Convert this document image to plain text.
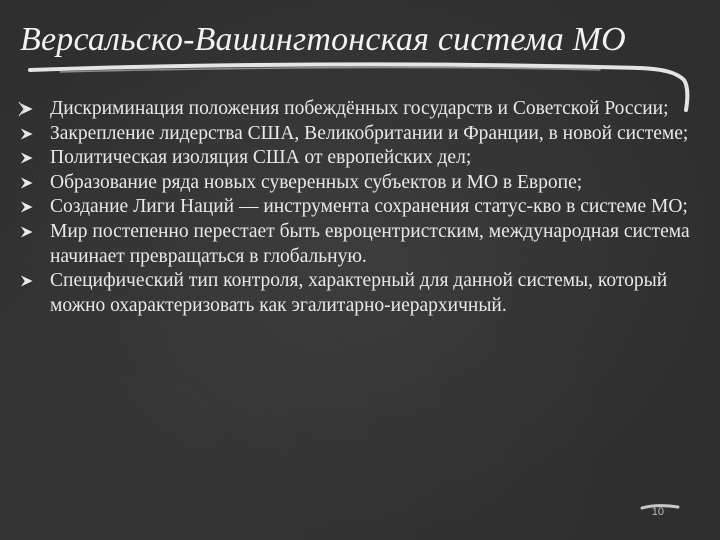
Версальско-Вашингтонская система МО
Дискриминация положения побеждённых государств и Советской России;
Закрепление лидерства США, Великобритании и Франции, в новой системе;
Политическая изоляция США от европейских дел;
Образование ряда новых суверенных субъектов и МО в Европе;
Создание Лиги Наций — инструмента сохранения статус-кво в системе МО;
Мир постепенно перестает быть евроцентристским, международная система начинает превращаться в глобальную.
Специфический тип контроля, характерный для данной системы, который можно охарактеризовать как эгалитарно-иерархичный.
10
